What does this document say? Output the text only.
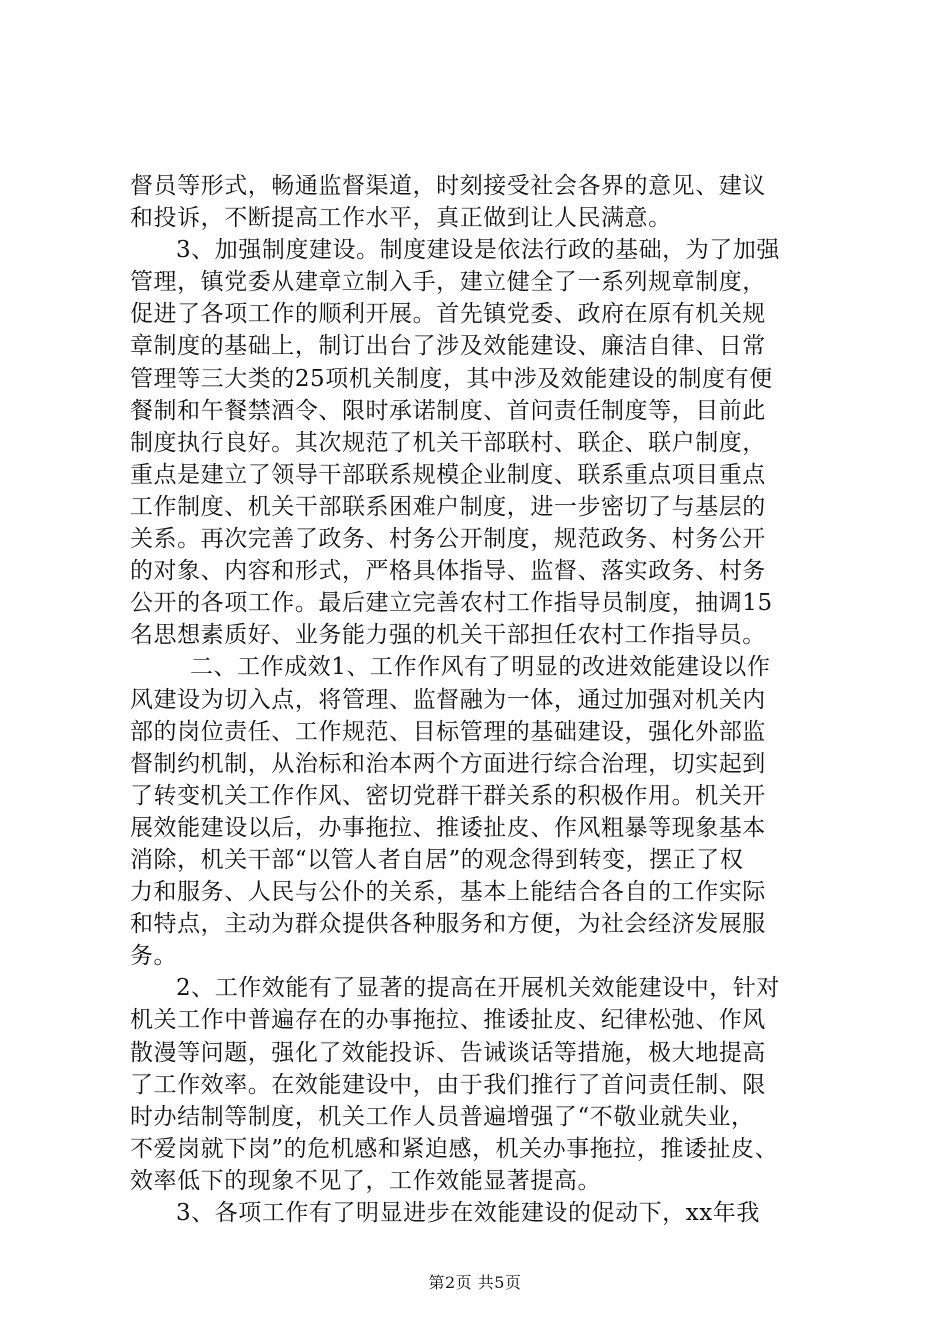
督员等形式，畅通监督渠道，时刻接受社会各界的意见、建议
和投诉，不断提高工作水平，真正做到让人民满意。
3、加强制度建设。制度建设是依法行政的基础，为了加强
管理，镇党委从建章立制入手，建立健全了一系列规章制度，
促进了各项工作的顺利开展。首先镇党委、政府在原有机关规
章制度的基础上，制订出台了涉及效能建设、廉洁自律、日常
管理等三大类的25项机关制度，其中涉及效能建设的制度有便
餐制和午餐禁酒令、限时承诺制度、首问责任制度等，目前此
制度执行良好。其次规范了机关干部联村、联企、联户制度，
重点是建立了领导干部联系规模企业制度、联系重点项目重点
工作制度、机关干部联系困难户制度，进一步密切了与基层的
关系。再次完善了政务、村务公开制度，规范政务、村务公开
的对象、内容和形式，严格具体指导、监督、落实政务、村务
公开的各项工作。最后建立完善农村工作指导员制度，抽调15
名思想素质好、业务能力强的机关干部担任农村工作指导员。
二、工作成效1、工作作风有了明显的改进效能建设以作
风建设为切入点，将管理、监督融为一体，通过加强对机关内
部的岗位责任、工作规范、目标管理的基础建设，强化外部监
督制约机制，从治标和治本两个方面进行综合治理，切实起到
了转变机关工作作风、密切党群干群关系的积极作用。机关开
展效能建设以后，办事拖拉、推诿扯皮、作风粗暴等现象基本
消除，机关干部“以管人者自居”的观念得到转变，摆正了权
力和服务、人民与公仆的关系，基本上能结合各自的工作实际
和特点，主动为群众提供各种服务和方便，为社会经济发展服
务。
2、工作效能有了显著的提高在开展机关效能建设中，针对
机关工作中普遍存在的办事拖拉、推诿扯皮、纪律松弛、作风
散漫等问题，强化了效能投诉、告诫谈话等措施，极大地提高
了工作效率。在效能建设中，由于我们推行了首问责任制、限
时办结制等制度，机关工作人员普遍增强了“不敬业就失业，
不爱岗就下岗”的危机感和紧迫感，机关办事拖拉，推诿扯皮、
效率低下的现象不见了，工作效能显著提高。
3、各项工作有了明显进步在效能建设的促动下，xx年我
第2页 共5页
